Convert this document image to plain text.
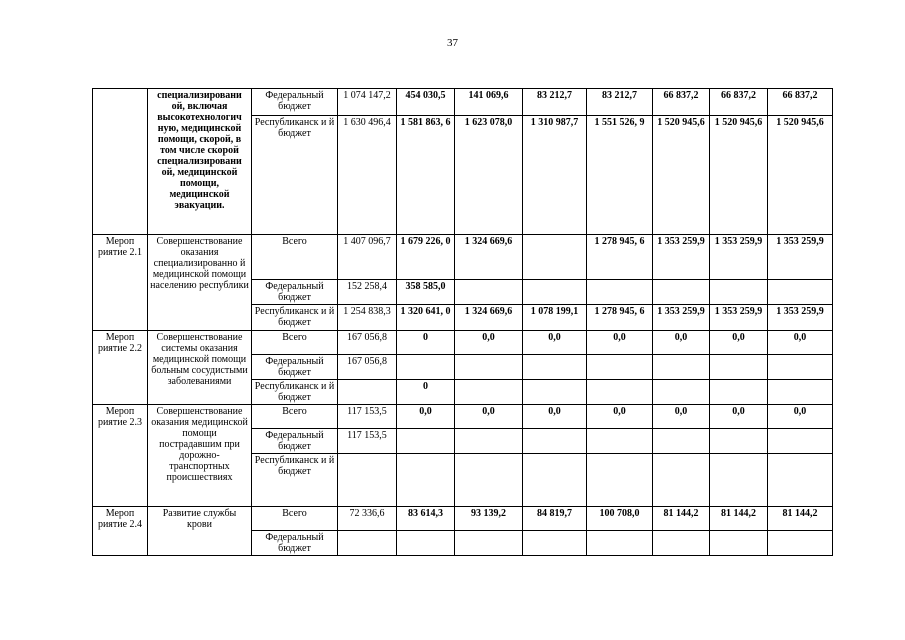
37
	специализировани ой, включая высокотехнологич ную, медицинской помощи, скорой, в том числе скорой специализировани ой, медицинской помощи, медицинской эвакуации.	Федеральный бюджет	1 074 147,2	454 030,5	141 069,6	83 212,7	83 212,7	66 837,2	66 837,2	66 837,2
		Республиканск и й бюджет	1 630 496,4	1 581 863, 6	1 623 078,0	1 310 987,7	1 551 526, 9	1 520 945,6	1 520 945,6	1 520 945,6
Мероп риятие 2.1	Совершенствование оказания специализированно й медицинской помощи населению республики	Всего	1 407 096,7	1 679 226, 0	1 324 669,6		1 278 945, 6	1 353 259,9	1 353 259,9	1 353 259,9
		Федеральный бюджет	152 258,4	358 585,0						
		Республиканск и й бюджет	1 254 838,3	1 320 641, 0	1 324 669,6	1 078 199,1	1 278 945, 6	1 353 259,9	1 353 259,9	1 353 259,9
Мероп риятие 2.2	Совершенствование системы оказания медицинской помощи больным сосудистыми заболеваниями	Всего	167 056,8	0	0,0	0,0	0,0	0,0	0,0	0,0
		Федеральный бюджет	167 056,8							
		Республиканск и й бюджет		0						
Мероп риятие 2.3	Совершенствование оказания медицинской помощи пострадавшим при дорожно- транспортных происшествиях	Всего	117 153,5	0,0	0,0	0,0	0,0	0,0	0,0	0,0
		Федеральный бюджет	117 153,5							
		Республиканск и й бюджет								
Мероп риятие 2.4	Развитие службы крови	Всего	72 336,6	83 614,3	93 139,2	84 819,7	100 708,0	81 144,2	81 144,2	81 144,2
		Федеральный бюджет								
